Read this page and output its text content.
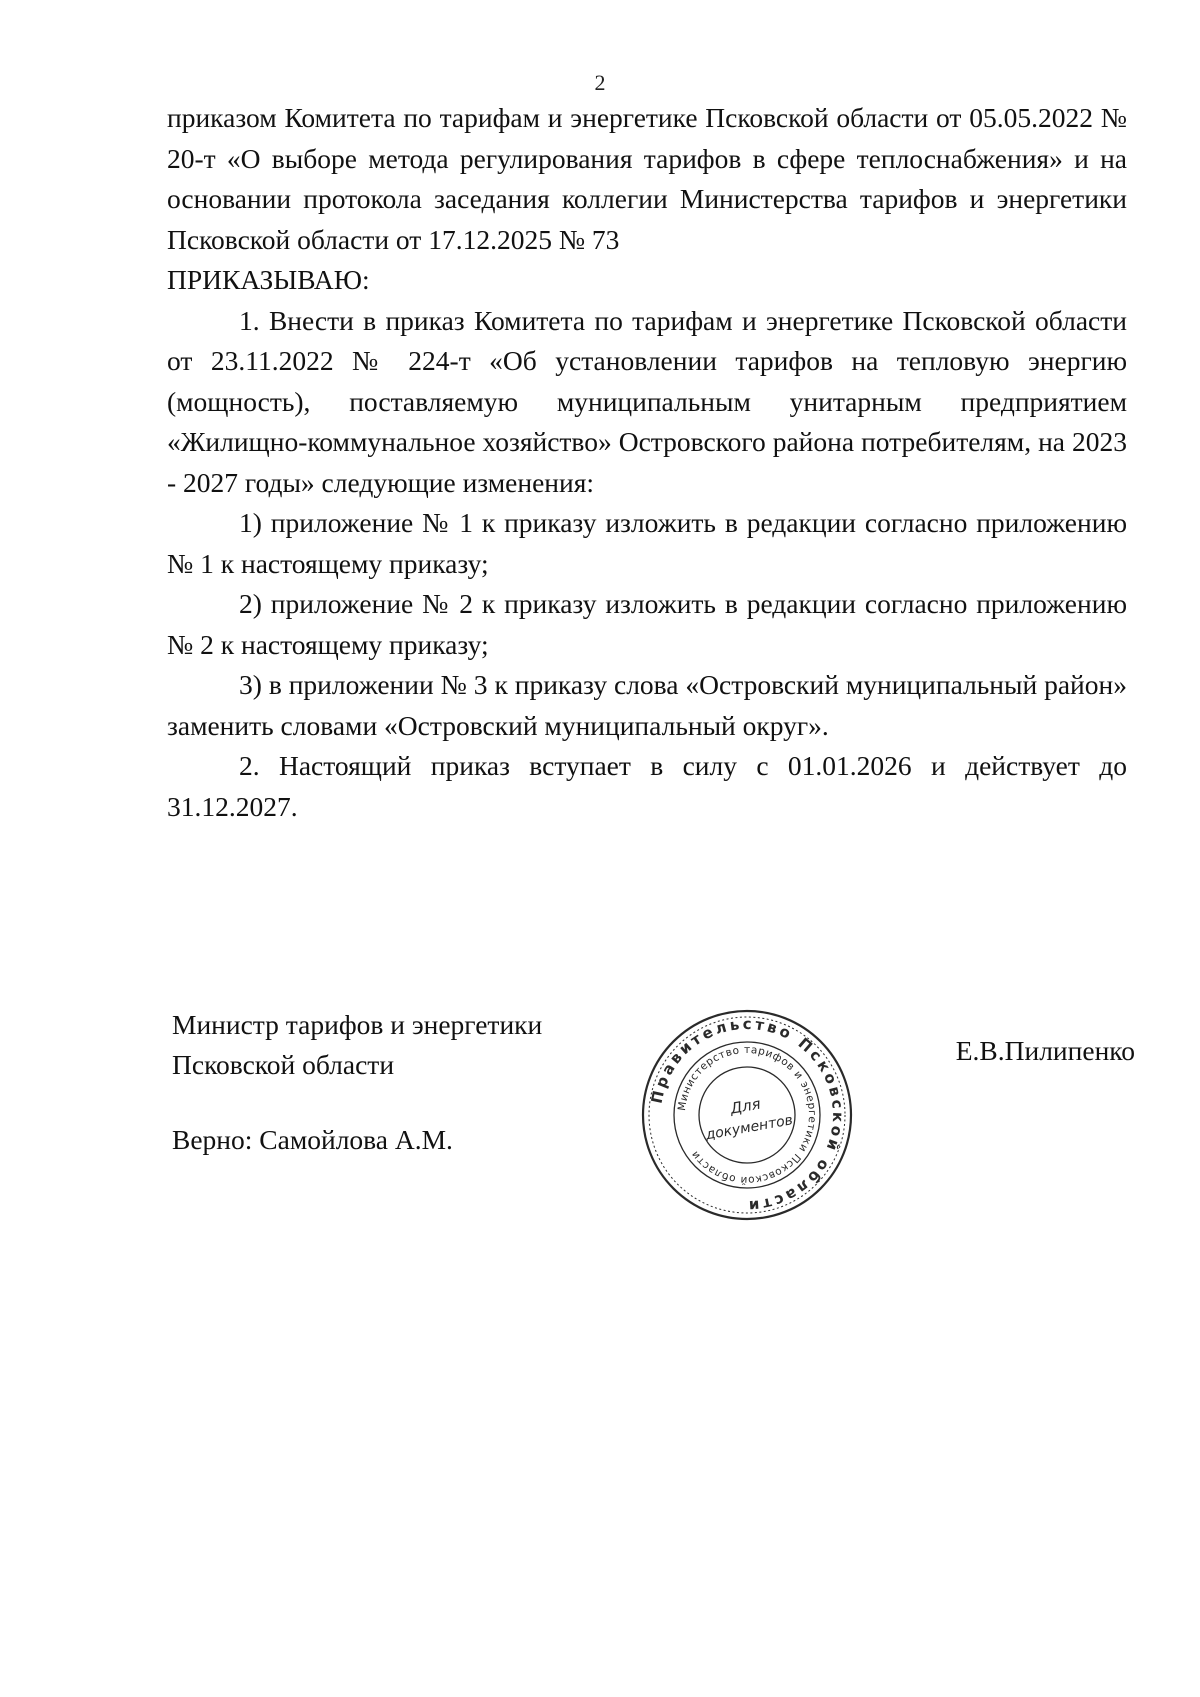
2

приказом Комитета по тарифам и энергетике Псковской области от 05.05.2022 № 20-т «О выборе метода регулирования тарифов в сфере теплоснабжения» и на основании протокола заседания коллегии Министерства тарифов и энергетики Псковской области от 17.12.2025 № 73

ПРИКАЗЫВАЮ:

1. Внести в приказ Комитета по тарифам и энергетике Псковской области от 23.11.2022 № 224-т «Об установлении тарифов на тепловую энергию (мощность), поставляемую муниципальным унитарным предприятием «Жилищно-коммунальное хозяйство» Островского района потребителям, на 2023 - 2027 годы» следующие изменения:

1) приложение № 1 к приказу изложить в редакции согласно приложению № 1 к настоящему приказу;

2) приложение № 2 к приказу изложить в редакции согласно приложению № 2 к настоящему приказу;

3) в приложении № 3 к приказу слова «Островский муниципальный район» заменить словами «Островский муниципальный округ».

2. Настоящий приказ вступает в силу с 01.01.2026 и действует до 31.12.2027.

Министр тарифов и энергетики
Псковской области
Верно: Самойлова А.М.
Е.В.Пилипенко
Правительство Псковской области
Министерство тарифов и энергетики Псковской области
Для
документов
